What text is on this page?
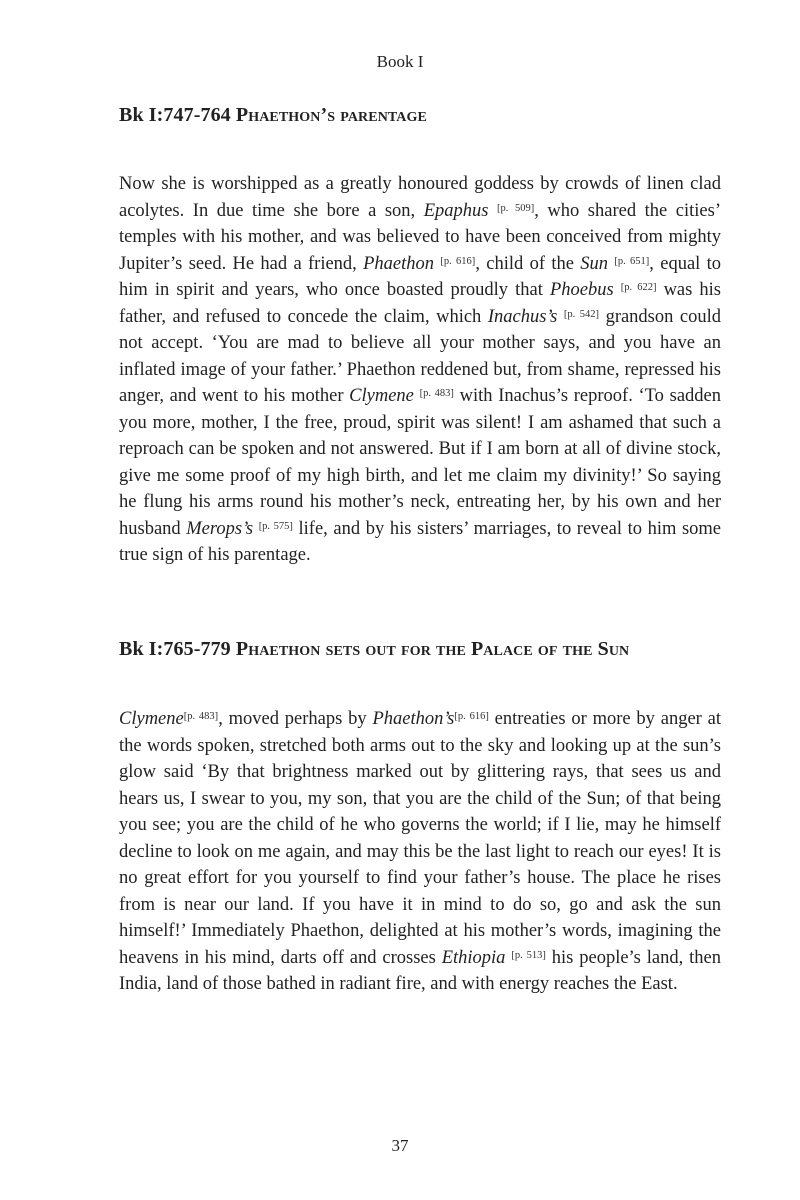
Book I
Bk I:747-764 Phaethon’s parentage

Now she is worshipped as a greatly honoured goddess by crowds of linen clad acolytes. In due time she bore a son, Epaphus [p. 509], who shared the cities’ temples with his mother, and was believed to have been conceived from mighty Jupiter’s seed. He had a friend, Phaethon [p. 616], child of the Sun [p. 651], equal to him in spirit and years, who once boasted proudly that Phoebus [p. 622] was his father, and refused to concede the claim, which Inachus’s [p. 542] grandson could not accept. ‘You are mad to believe all your mother says, and you have an inflated image of your father.’ Phaethon reddened but, from shame, repressed his anger, and went to his mother Clymene [p. 483] with Inachus’s reproof. ‘To sadden you more, mother, I the free, proud, spirit was silent! I am ashamed that such a reproach can be spoken and not answered. But if I am born at all of divine stock, give me some proof of my high birth, and let me claim my divinity!’ So saying he flung his arms round his mother’s neck, entreating her, by his own and her husband Merops’s [p. 575] life, and by his sisters’ marriages, to reveal to him some true sign of his parentage.

Bk I:765-779 Phaethon sets out for the Palace of the Sun

Clymene[p. 483], moved perhaps by Phaethon’s[p. 616] entreaties or more by anger at the words spoken, stretched both arms out to the sky and looking up at the sun’s glow said ‘By that brightness marked out by glittering rays, that sees us and hears us, I swear to you, my son, that you are the child of the Sun; of that being you see; you are the child of he who governs the world; if I lie, may he himself decline to look on me again, and may this be the last light to reach our eyes! It is no great effort for you yourself to find your father’s house. The place he rises from is near our land. If you have it in mind to do so, go and ask the sun himself!’ Immediately Phaethon, delighted at his mother’s words, imagining the heavens in his mind, darts off and crosses Ethiopia [p. 513] his people’s land, then India, land of those bathed in radiant fire, and with energy reaches the East.

37
